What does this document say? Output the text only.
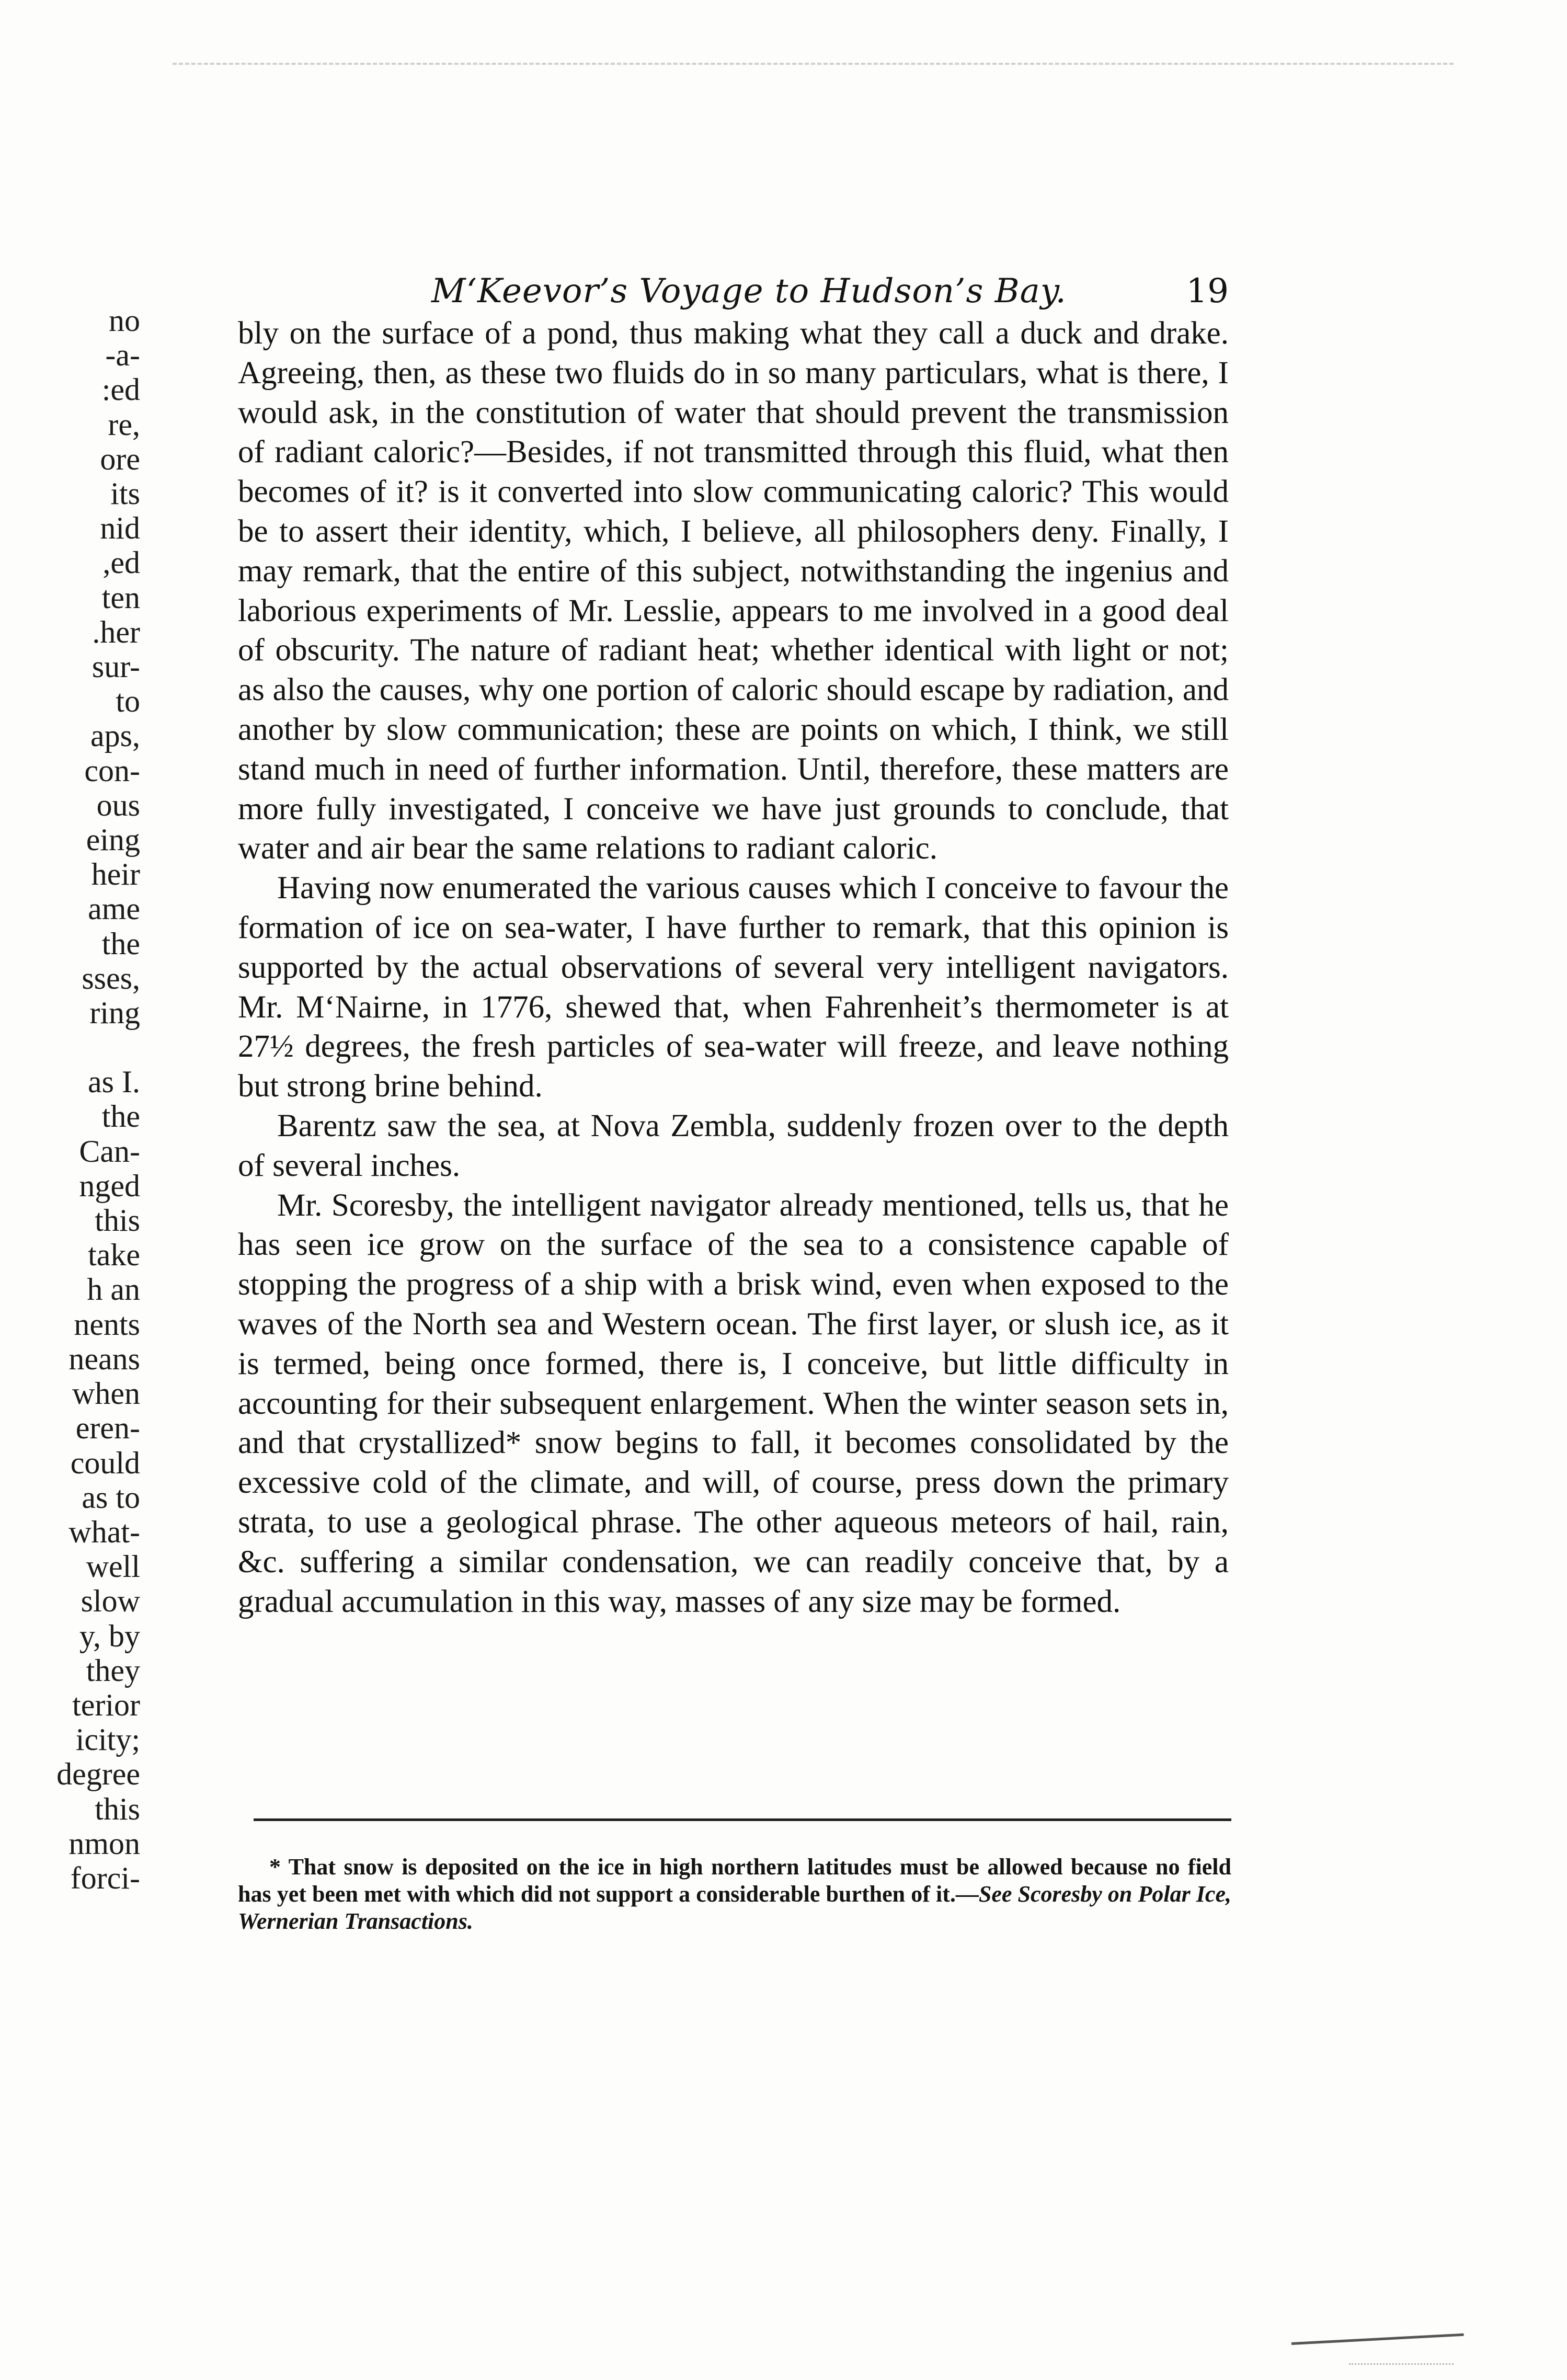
M‘Keevor’s Voyage to Hudson’s Bay.	19
no
-a-
:ed
re,
ore
its
nid
,ed
ten
.her
sur-
to
aps,
con-
ous
eing
heir
ame
the
sses,
ring
as I.
the
Can-
nged
this
take
h an
nents
neans
when
eren-
could
as to
what-
well
slow
y, by
they
terior
icity;
degree
this
nmon
forci-

bly on the surface of a pond, thus making what they call a duck and drake. Agreeing, then, as these two fluids do in so many particulars, what is there, I would ask, in the constitution of water that should prevent the transmission of radiant caloric?—Besides, if not transmitted through this fluid, what then becomes of it? is it converted into slow communicating caloric? This would be to assert their identity, which, I believe, all philosophers deny. Finally, I may remark, that the entire of this subject, notwithstanding the ingenius and laborious experiments of Mr. Lesslie, appears to me involved in a good deal of obscurity. The nature of radiant heat; whether identical with light or not; as also the causes, why one portion of caloric should escape by radiation, and another by slow communication; these are points on which, I think, we still stand much in need of further information. Until, therefore, these matters are more fully investigated, I conceive we have just grounds to conclude, that water and air bear the same relations to radiant caloric.

Having now enumerated the various causes which I conceive to favour the formation of ice on sea-water, I have further to remark, that this opinion is supported by the actual observations of several very intelligent navigators. Mr. M‘Nairne, in 1776, shewed that, when Fahrenheit’s thermometer is at 27½ degrees, the fresh particles of sea-water will freeze, and leave nothing but strong brine behind.

Barentz saw the sea, at Nova Zembla, suddenly frozen over to the depth of several inches.

Mr. Scoresby, the intelligent navigator already mentioned, tells us, that he has seen ice grow on the surface of the sea to a consistence capable of stopping the progress of a ship with a brisk wind, even when exposed to the waves of the North sea and Western ocean. The first layer, or slush ice, as it is termed, being once formed, there is, I conceive, but little difficulty in accounting for their subsequent enlargement. When the winter season sets in, and that crystallized* snow begins to fall, it becomes consolidated by the excessive cold of the climate, and will, of course, press down the primary strata, to use a geological phrase. The other aqueous meteors of hail, rain, &c. suffering a similar condensation, we can readily conceive that, by a gradual accumulation in this way, masses of any size may be formed.

* That snow is deposited on the ice in high northern latitudes must be allowed because no field has yet been met with which did not support a considerable burthen of it.—See Scoresby on Polar Ice, Wernerian Transactions.
